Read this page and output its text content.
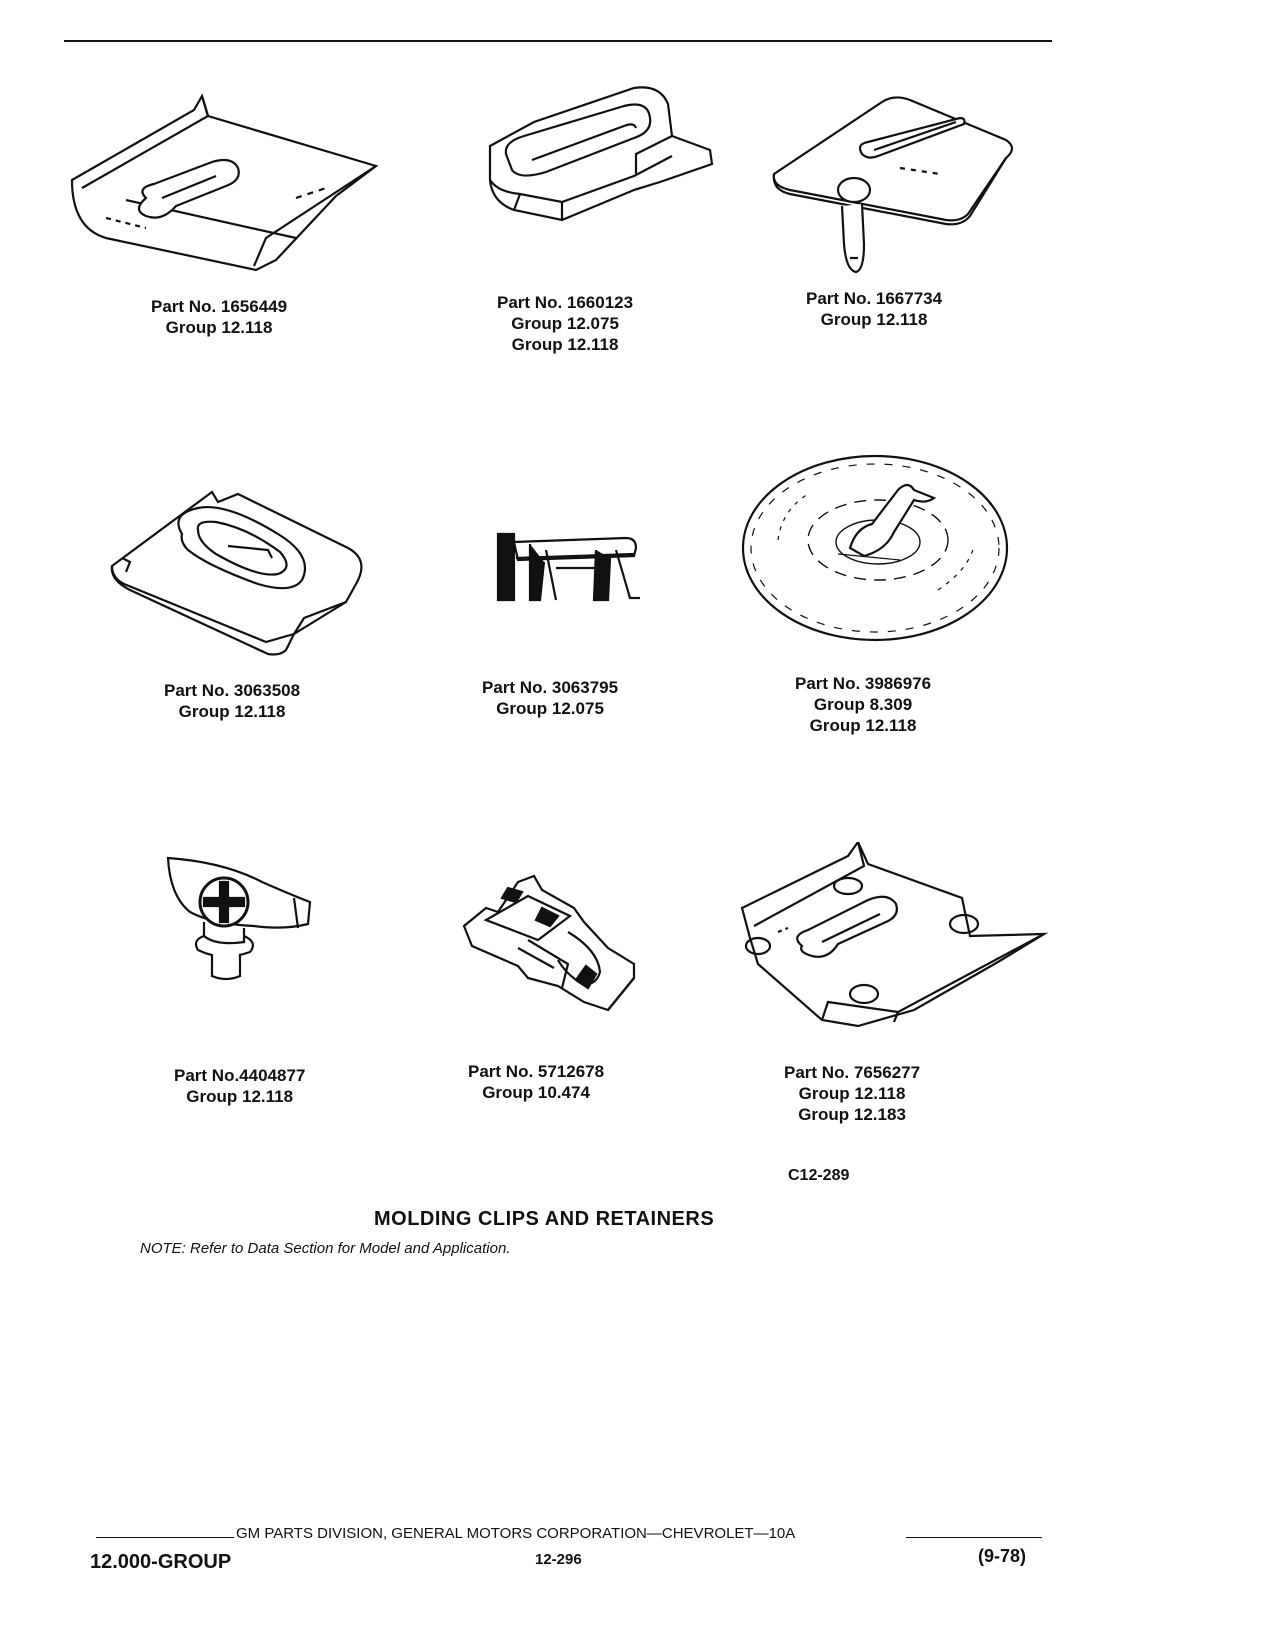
Part No. 1656449
Group 12.118
Part No. 1660123
Group 12.075
Group 12.118
Part No. 1667734
Group 12.118
Part No. 3063508
Group 12.118
Part No. 3063795
Group 12.075
Part No. 3986976
Group 8.309
Group 12.118
Part No.4404877
Group 12.118
Part No. 5712678
Group 10.474
Part No. 7656277
Group 12.118
Group 12.183
C12-289
MOLDING CLIPS AND RETAINERS
NOTE: Refer to Data Section for Model and Application.
GM PARTS DIVISION, GENERAL MOTORS CORPORATION—CHEVROLET—10A
12.000-GROUP	12-296	(9-78)
